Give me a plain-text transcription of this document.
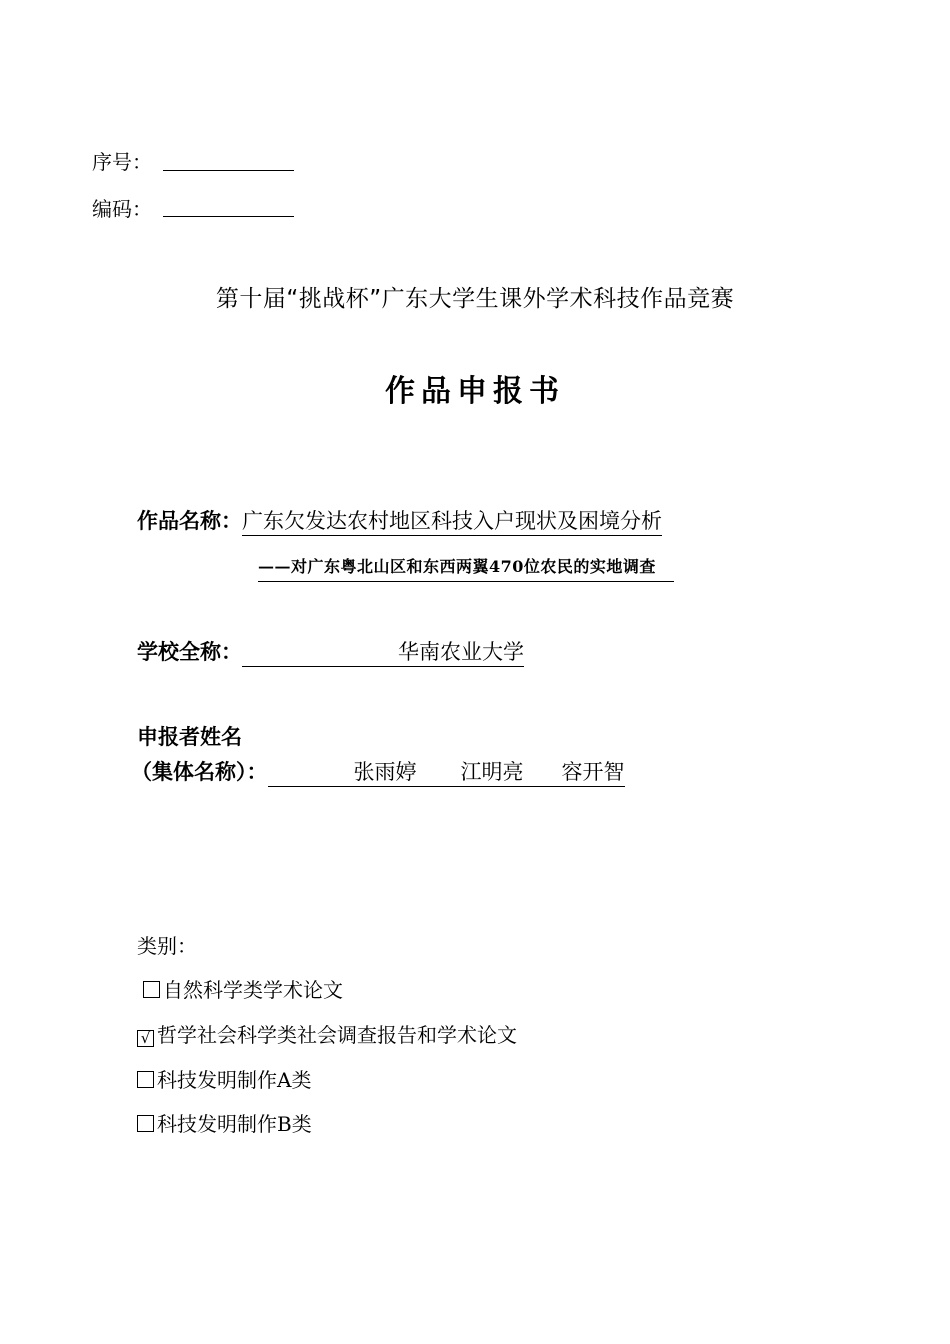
序号：
编码：
第十届“挑战杯”广东大学生课外学术科技作品竞赛
作品申报书
作品名称：广东欠发达农村地区科技入户现状及困境分析
——对广东粤北山区和东西两翼470位农民的实地调查
学校全称：	华南农业大学
申报者姓名
（集体名称）：	张雨婷 江明亮 容开智
类别：
自然科学类学术论文
√ 哲学社会科学类社会调查报告和学术论文
科技发明制作A类
科技发明制作B类
